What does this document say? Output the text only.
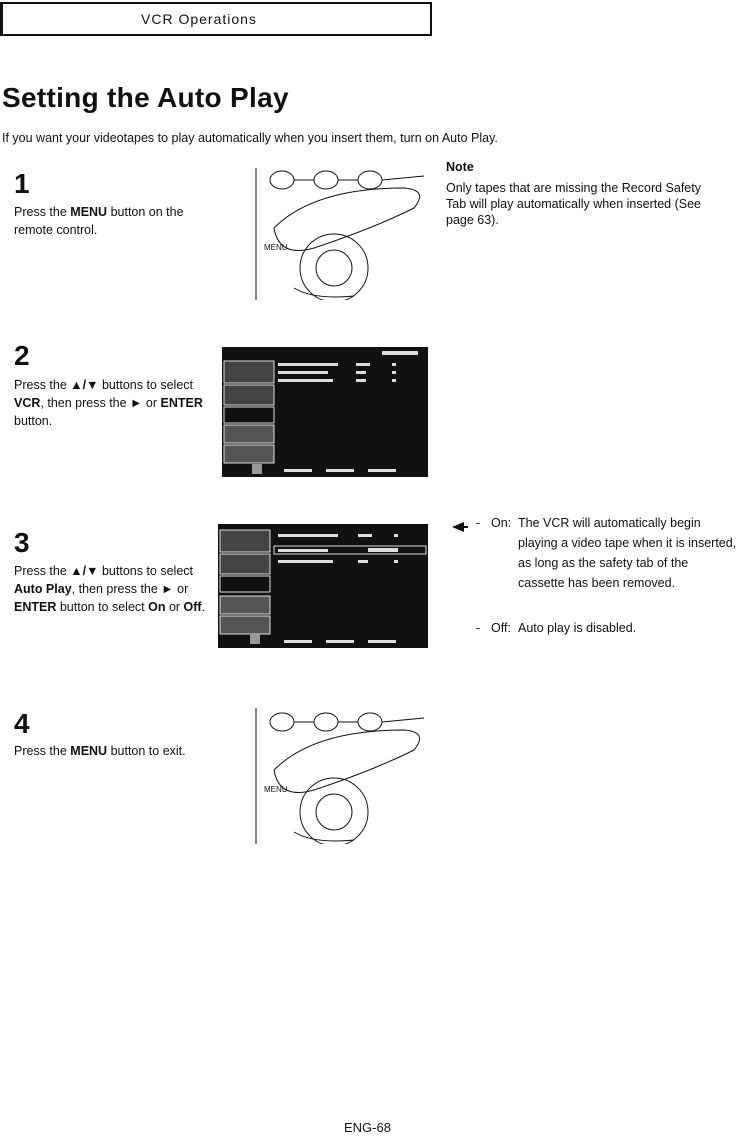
VCR Operations
Setting the Auto Play
If you want your videotapes to play automatically when you insert them, turn on Auto Play.
1
Press the MENU button on the remote control.
MENU
Note
Only tapes that are missing the Record Safety Tab will play automatically when inserted (See page 63).
2
Press the ▲/▼ buttons to select VCR, then press the ► or ENTER button.
3
Press the ▲/▼ buttons to select Auto Play, then press the ► or ENTER button to select On or Off.
- On: The VCR will automatically begin playing a video tape when it is inserted, as long as the safety tab of the cassette has been removed.
- Off: Auto play is disabled.
4
Press the MENU button to exit.
MENU
ENG-68
